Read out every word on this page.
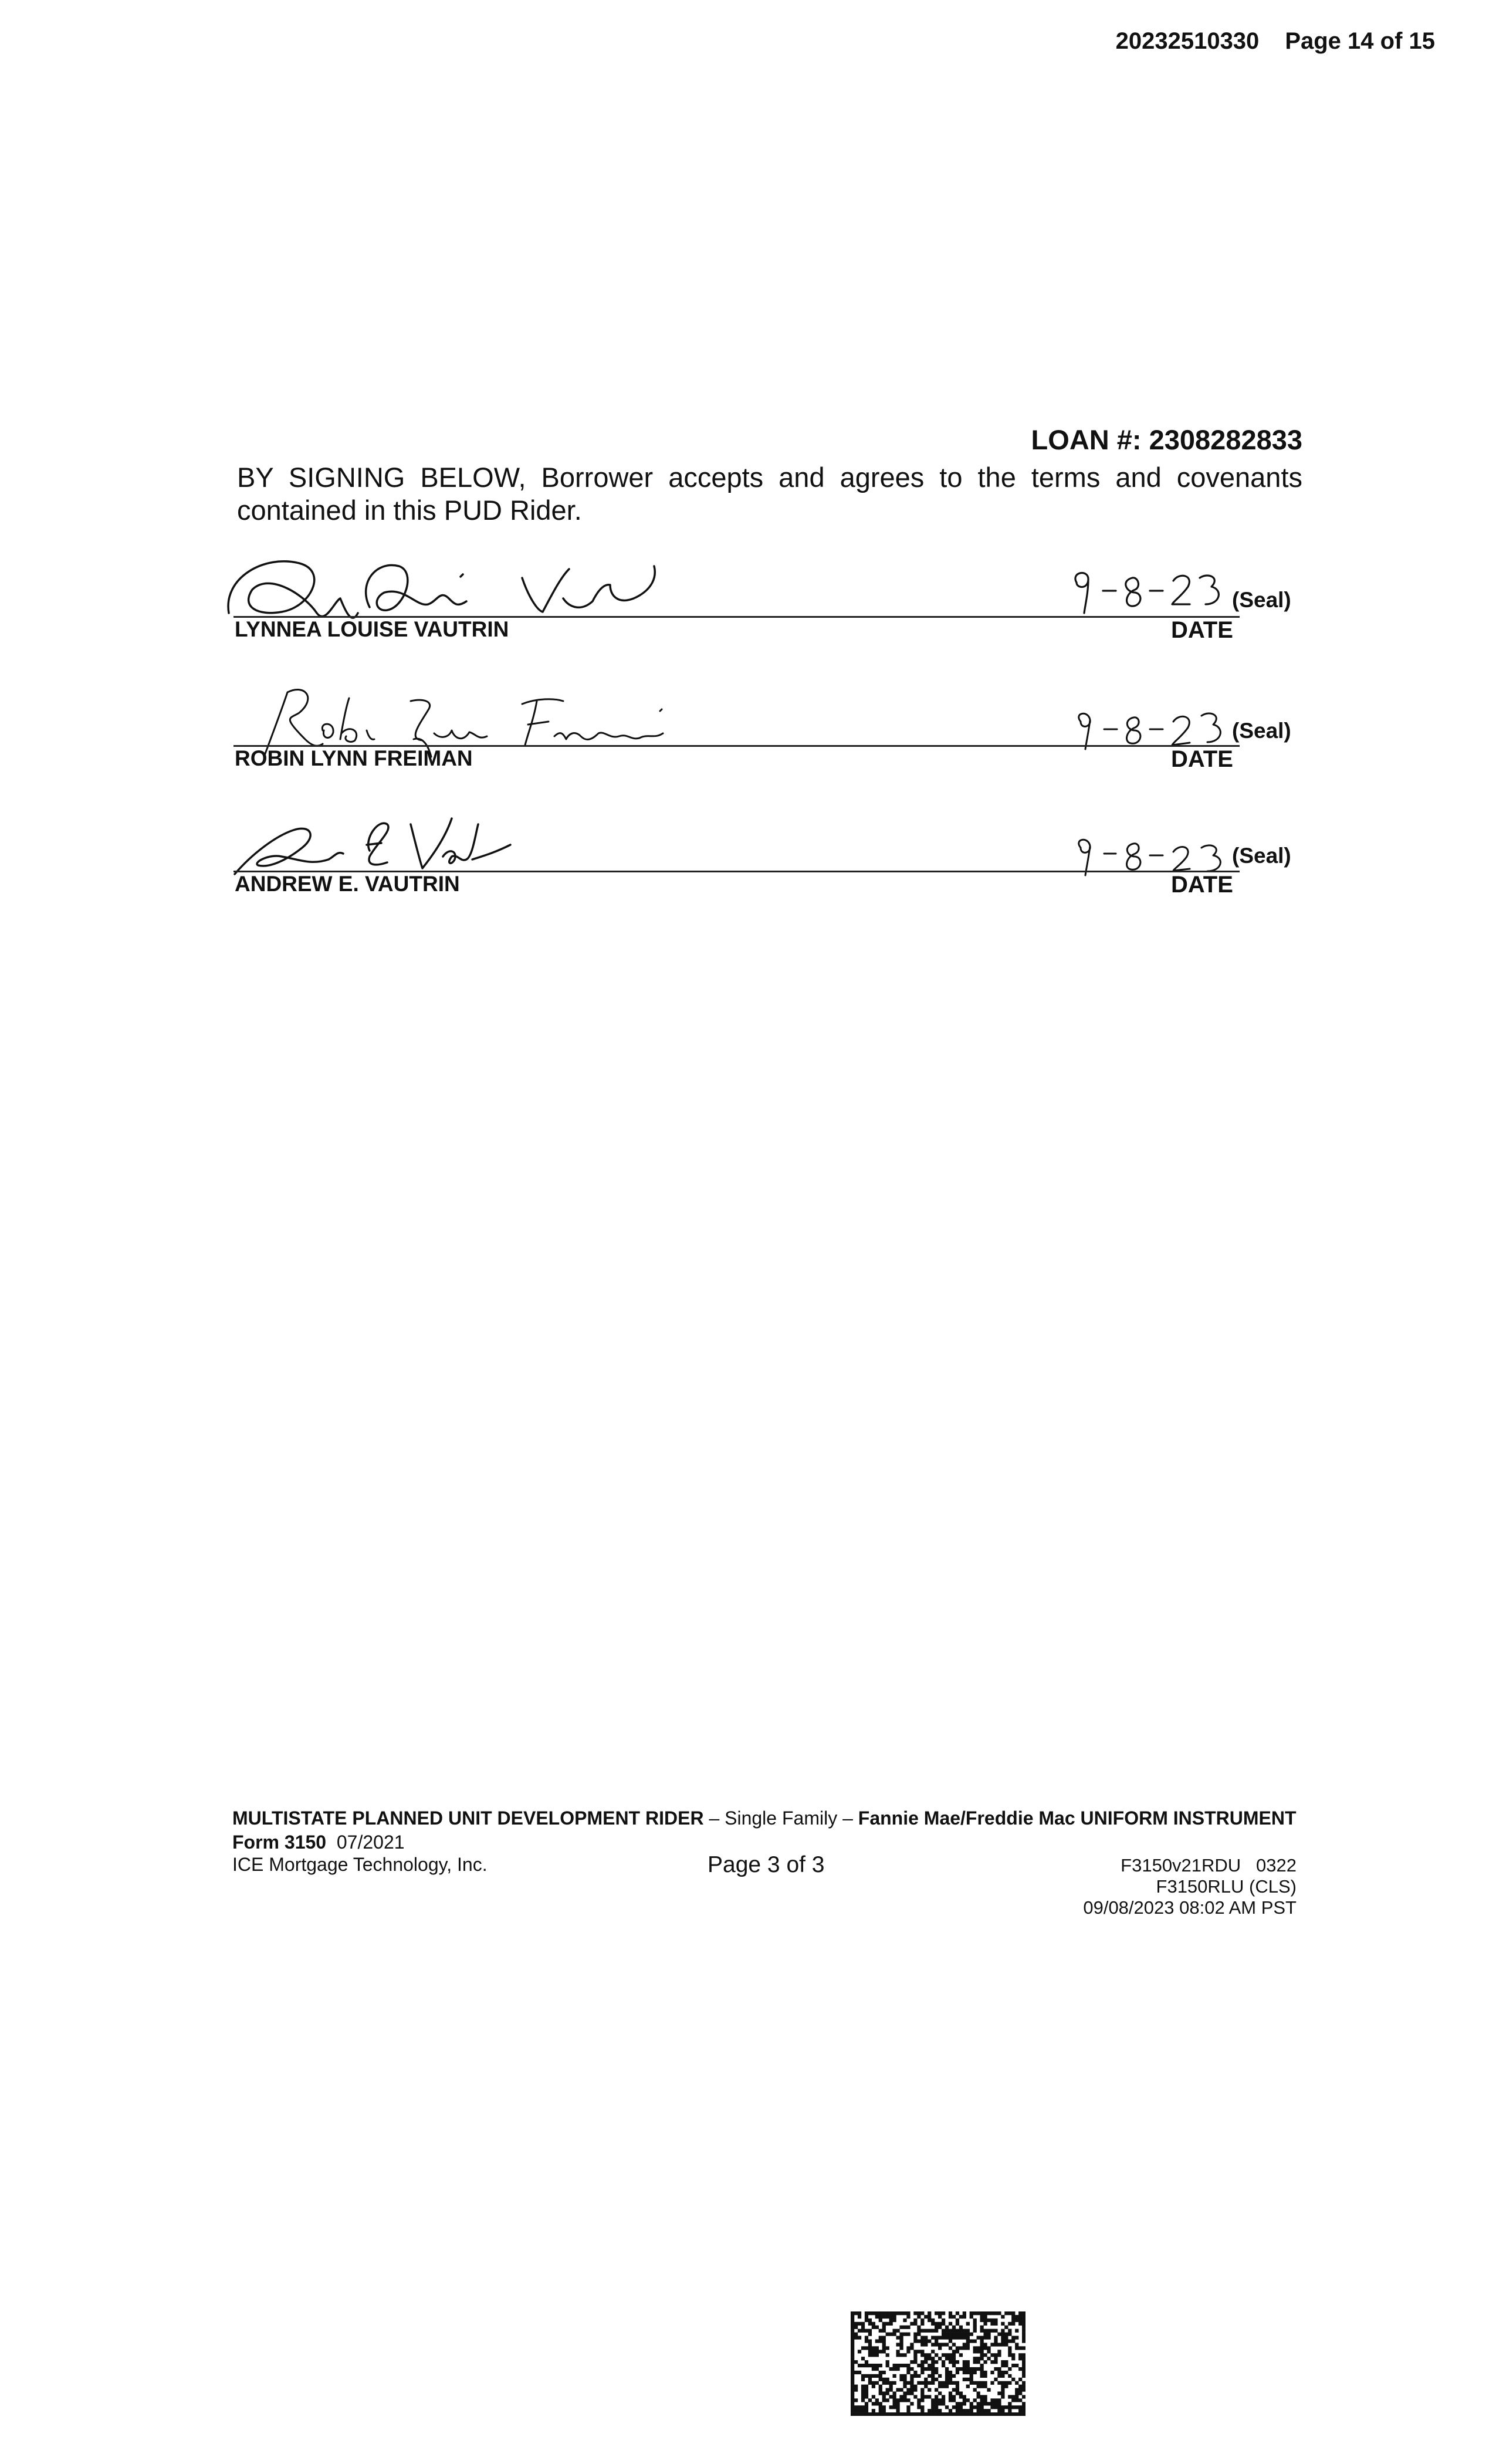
20232510330 Page 14 of 15
LOAN #: 2308282833
BY SIGNING BELOW, Borrower accepts and agrees to the terms and covenants contained in this PUD Rider.
LYNNEA LOUISE VAUTRIN	DATE
(Seal)
ROBIN LYNN FREIMAN	DATE
(Seal)
ANDREW E. VAUTRIN	DATE
(Seal)
MULTISTATE PLANNED UNIT DEVELOPMENT RIDER – Single Family – Fannie Mae/Freddie Mac UNIFORM INSTRUMENT
Form 3150 07/2021
ICE Mortgage Technology, Inc.	Page 3 of 3	F3150v21RDU   0322
F3150RLU (CLS)
09/08/2023 08:02 AM PST
